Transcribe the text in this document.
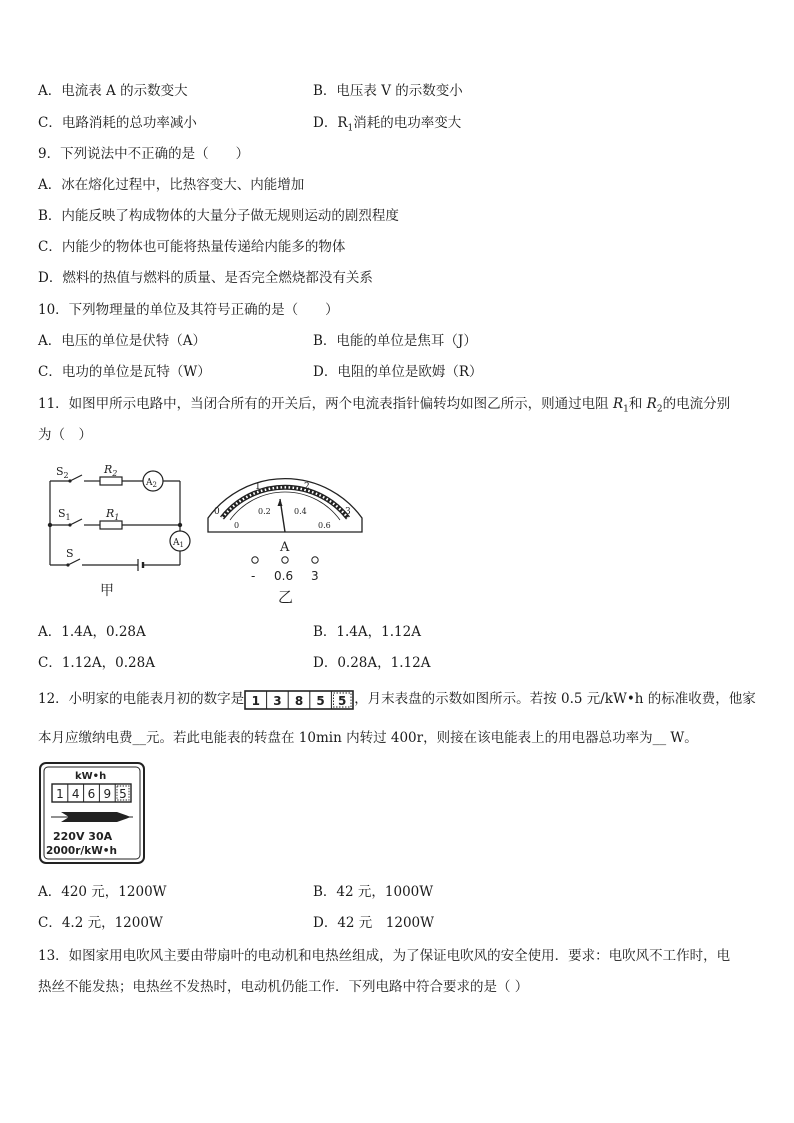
A．电流表 A 的示数变大	B．电压表 V 的示数变小
C．电路消耗的总功率减小	D．$R_1$消耗的电功率变大
9．下列说法中不正确的是（　　）
A．冰在熔化过程中，比热容变大、内能增加
B．内能反映了构成物体的大量分子做无规则运动的剧烈程度
C．内能少的物体也可能将热量传递给内能多的物体
D．燃料的热值与燃料的质量、是否完全燃烧都没有关系
10．下列物理量的单位及其符号正确的是（　　）
A．电压的单位是伏特（A）	B．电能的单位是焦耳（J）
C．电功的单位是瓦特（W）	D．电阻的单位是欧姆（R）
11．如图甲所示电路中，当闭合所有的开关后，两个电流表指针偏转均如图乙所示，则通过电阻 $R_1$和 $R_2$的电流分别
为（　）
$S_2$	$R_2$
$A_2$
$S_1$	$R_1$
$A_1$
S
甲
0
1	2
3
0
0.2	0.4
0.6
A
- 0.6 3
乙
A．1.4A，0.28A	B．1.4A，1.12A
C．1.12A，0.28A	D．0.28A，1.12A
12．小明家的电能表月初的数字是 1 3 8 5 5 ，月末表盘的示数如图所示。若按 0.5 元/kW•h 的标准收费，他家
本月应缴纳电费__元。若此电能表的转盘在 10min 内转过 400r，则接在该电能表上的用电器总功率为__ W。
kW•h
1 4 6 9 5
220V 30A
2000r/kW•h
A．420 元，1200W	B．42 元，1000W
C．4.2 元，1200W	D．42 元　1200W
13．如图家用电吹风主要由带扇叶的电动机和电热丝组成，为了保证电吹风的安全使用．要求：电吹风不工作时，电
热丝不能发热；电热丝不发热时，电动机仍能工作．下列电路中符合要求的是（ ）
